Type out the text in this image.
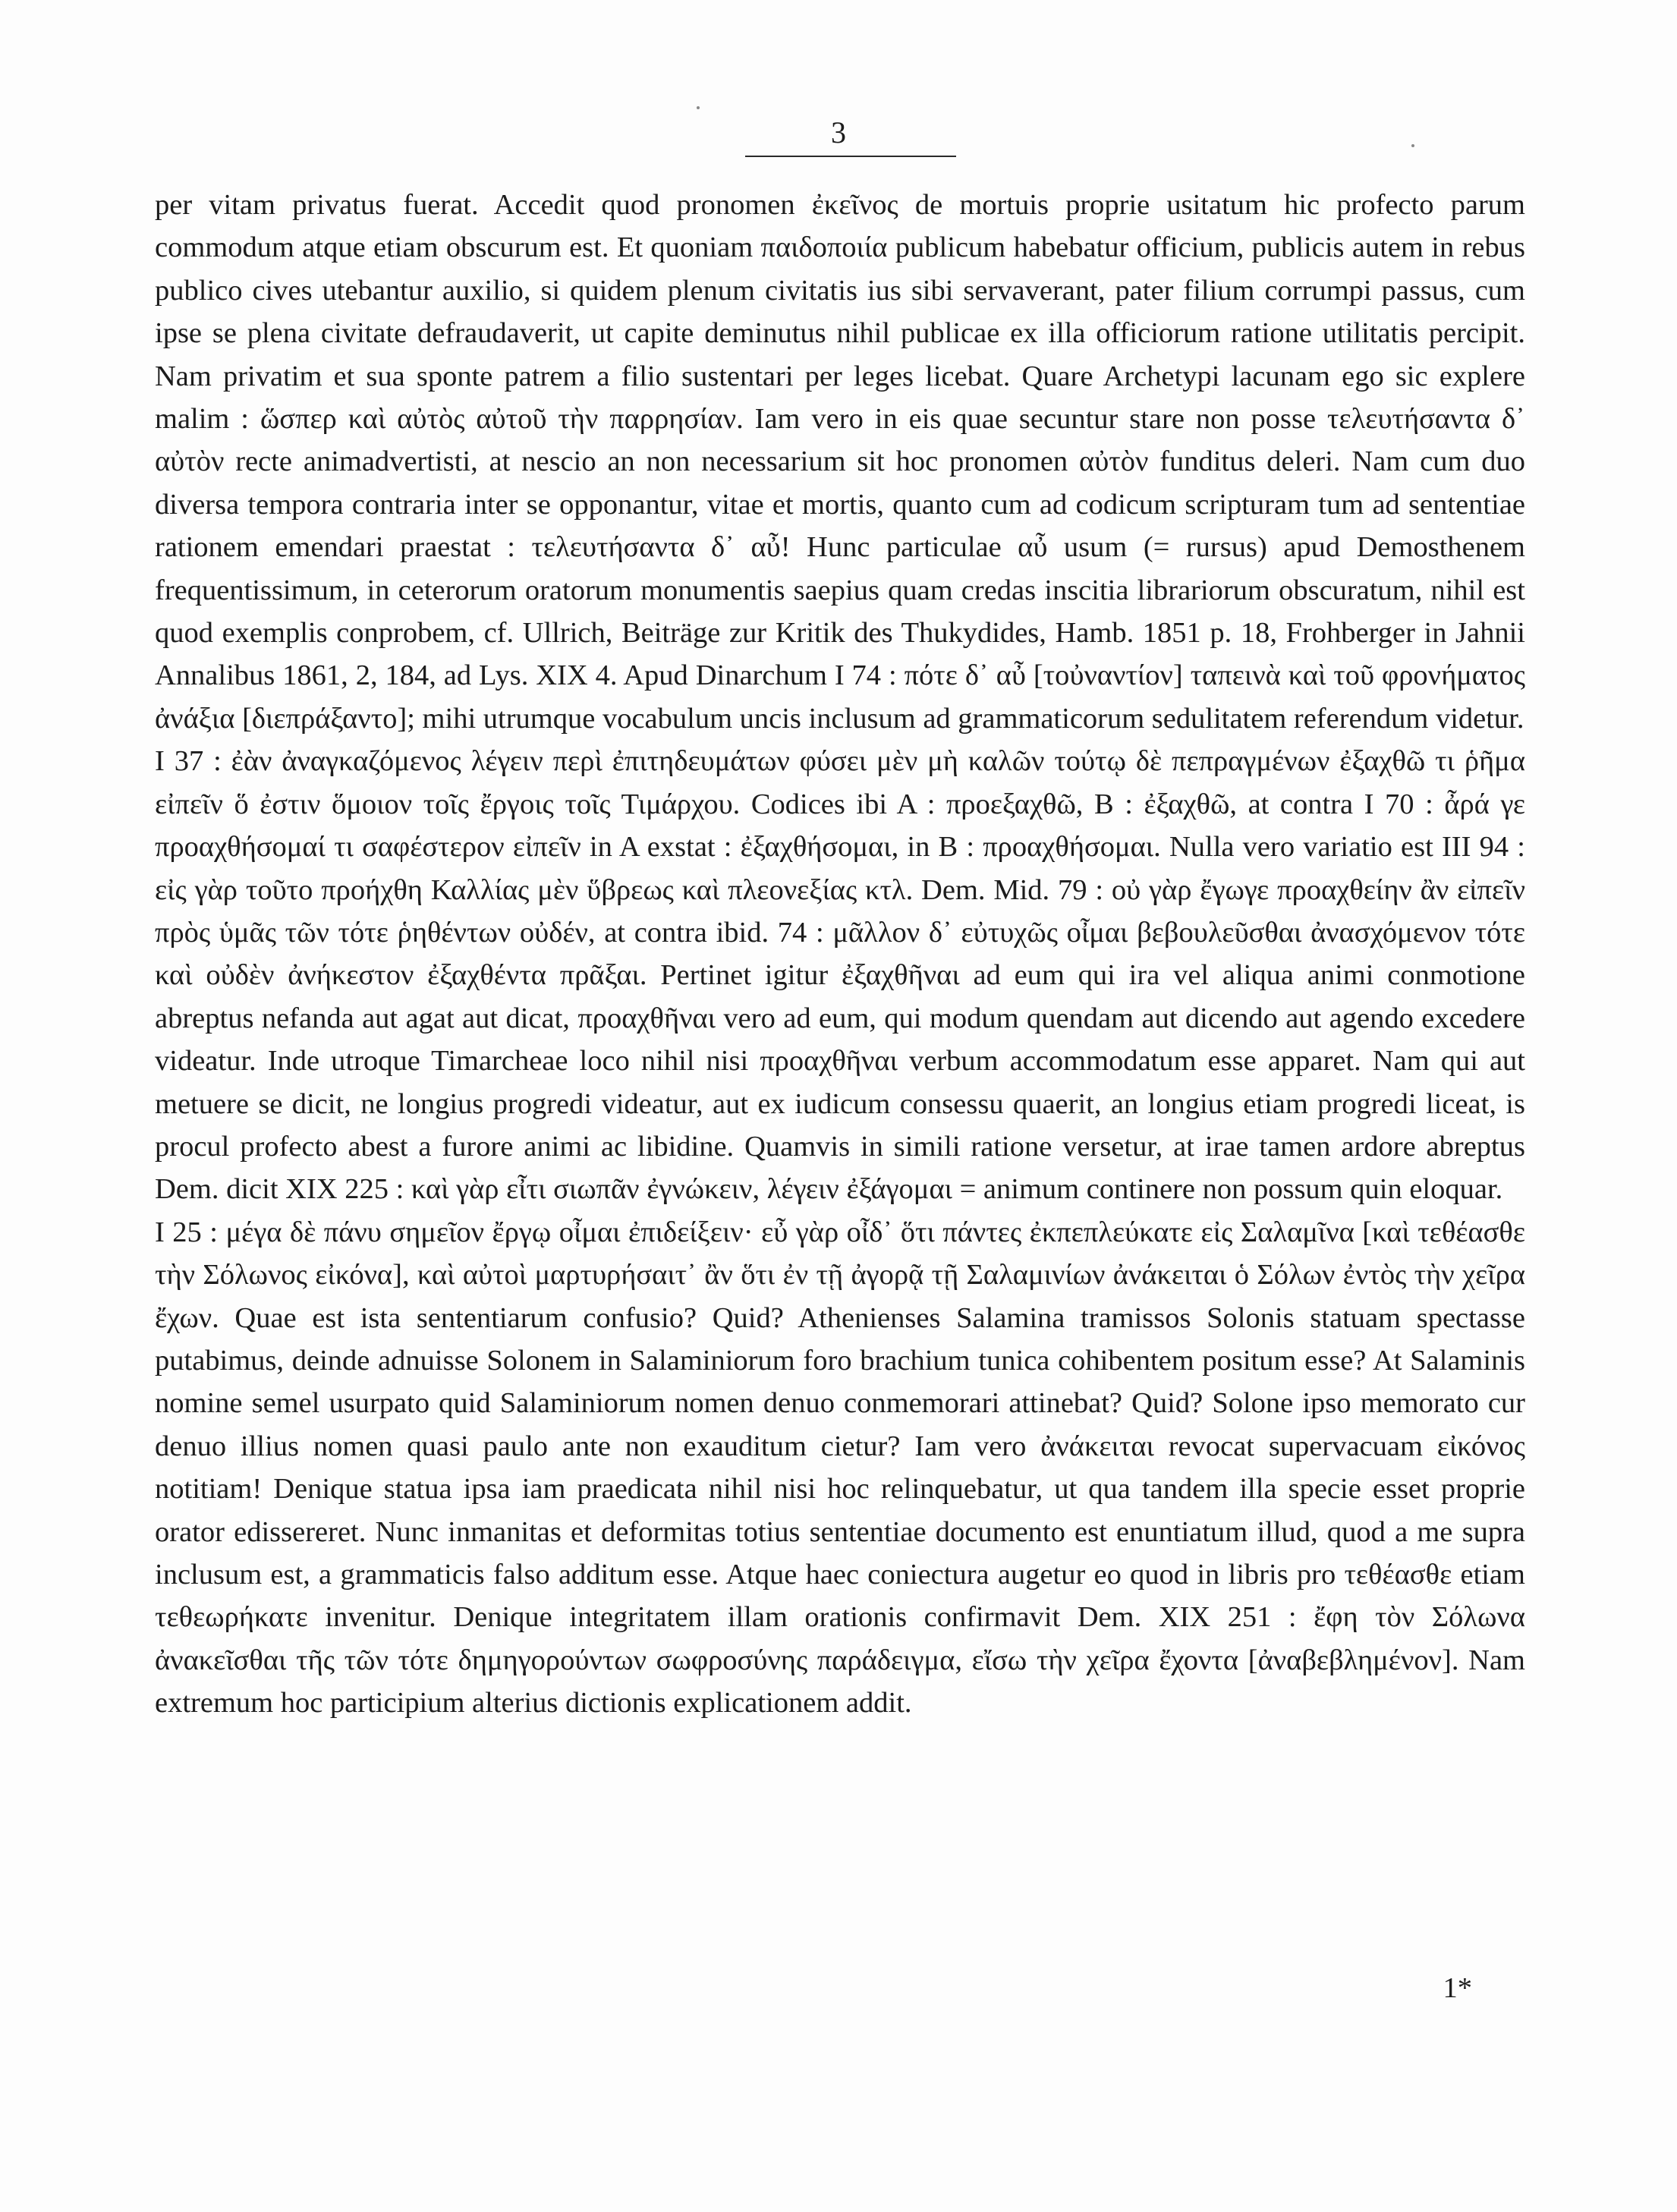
3

per vitam privatus fuerat. Accedit quod pronomen ἐκεῖνος de mortuis proprie usitatum hic profecto parum commodum atque etiam obscurum est. Et quoniam παιδοποιία publicum habebatur officium, publicis autem in rebus publico cives utebantur auxilio, si quidem plenum civitatis ius sibi servaverant, pater filium corrumpi passus, cum ipse se plena civitate defraudaverit, ut capite deminutus nihil publicae ex illa officiorum ratione utilitatis percipit. Nam privatim et sua sponte patrem a filio sustentari per leges licebat. Quare Archetypi lacunam ego sic explere malim : ὥσπερ καὶ αὐτὸς αὐτοῦ τὴν παρρησίαν. Iam vero in eis quae secuntur stare non posse τελευτήσαντα δ᾽ αὐτὸν recte animadvertisti, at nescio an non necessarium sit hoc pronomen αὐτὸν funditus deleri. Nam cum duo diversa tempora contraria inter se opponantur, vitae et mortis, quanto cum ad codicum scripturam tum ad sententiae rationem emendari praestat : τελευτήσαντα δ᾽ αὖ! Hunc particulae αὖ usum (= rursus) apud Demosthenem frequentissimum, in ceterorum oratorum monumentis saepius quam credas inscitia librariorum obscuratum, nihil est quod exemplis conprobem, cf. Ullrich, Beiträge zur Kritik des Thukydides, Hamb. 1851 p. 18, Frohberger in Jahnii Annalibus 1861, 2, 184, ad Lys. XIX 4. Apud Dinarchum I 74 : πότε δ᾽ αὖ [τοὐναντίον] ταπεινὰ καὶ τοῦ φρονήματος ἀνάξια [διεπράξαντο]; mihi utrumque vocabulum uncis inclusum ad grammaticorum sedulitatem referendum videtur.

I 37 : ἐὰν ἀναγκαζόμενος λέγειν περὶ ἐπιτηδευμάτων φύσει μὲν μὴ καλῶν τούτῳ δὲ πεπραγμένων ἐξαχθῶ τι ῥῆμα εἰπεῖν ὅ ἐστιν ὅμοιον τοῖς ἔργοις τοῖς Τιμάρχου. Codices ibi A : προεξαχθῶ, B : ἐξαχθῶ, at contra I 70 : ἆρά γε προαχθήσομαί τι σαφέστερον εἰπεῖν in A exstat : ἐξαχθήσομαι, in B : προαχθήσομαι. Nulla vero variatio est III 94 : εἰς γὰρ τοῦτο προήχθη Καλλίας μὲν ὕβρεως καὶ πλεονεξίας κτλ. Dem. Mid. 79 : οὐ γὰρ ἔγωγε προαχθείην ἂν εἰπεῖν πρὸς ὑμᾶς τῶν τότε ῥηθέντων οὐδέν, at contra ibid. 74 : μᾶλλον δ᾽ εὐτυχῶς οἶμαι βεβουλεῦσθαι ἀνασχόμενον τότε καὶ οὐδὲν ἀνήκεστον ἐξαχθέντα πρᾶξαι. Pertinet igitur ἐξαχθῆναι ad eum qui ira vel aliqua animi conmotione abreptus nefanda aut agat aut dicat, προαχθῆναι vero ad eum, qui modum quendam aut dicendo aut agendo excedere videatur. Inde utroque Timarcheae loco nihil nisi προαχθῆναι verbum accommodatum esse apparet. Nam qui aut metuere se dicit, ne longius progredi videatur, aut ex iudicum consessu quaerit, an longius etiam progredi liceat, is procul profecto abest a furore animi ac libidine. Quamvis in simili ratione versetur, at irae tamen ardore abreptus Dem. dicit XIX 225 : καὶ γὰρ εἶτι σιωπᾶν ἐγνώκειν, λέγειν ἐξάγομαι = animum continere non possum quin eloquar.

I 25 : μέγα δὲ πάνυ σημεῖον ἔργῳ οἶμαι ἐπιδείξειν· εὖ γὰρ οἶδ᾽ ὅτι πάντες ἐκπεπλεύκατε εἰς Σαλαμῖνα [καὶ τεθέασθε τὴν Σόλωνος εἰκόνα], καὶ αὐτοὶ μαρτυρήσαιτ᾽ ἂν ὅτι ἐν τῇ ἀγορᾷ τῇ Σαλαμινίων ἀνάκειται ὁ Σόλων ἐντὸς τὴν χεῖρα ἔχων. Quae est ista sententiarum confusio? Quid? Athenienses Salamina tramissos Solonis statuam spectasse putabimus, deinde adnuisse Solonem in Salaminiorum foro brachium tunica cohibentem positum esse? At Salaminis nomine semel usurpato quid Salaminiorum nomen denuo conmemorari attinebat? Quid? Solone ipso memorato cur denuo illius nomen quasi paulo ante non exauditum cietur? Iam vero ἀνάκειται revocat supervacuam εἰκόνος notitiam! Denique statua ipsa iam praedicata nihil nisi hoc relinquebatur, ut qua tandem illa specie esset proprie orator edissereret. Nunc inmanitas et deformitas totius sententiae documento est enuntiatum illud, quod a me supra inclusum est, a grammaticis falso additum esse. Atque haec coniectura augetur eo quod in libris pro τεθέασθε etiam τεθεωρήκατε invenitur. Denique integritatem illam orationis confirmavit Dem. XIX 251 : ἔφη τὸν Σόλωνα ἀνακεῖσθαι τῆς τῶν τότε δημηγορούντων σωφροσύνης παράδειγμα, εἴσω τὴν χεῖρα ἔχοντα [ἀναβεβλημένον]. Nam extremum hoc participium alterius dictionis explicationem addit.

1*
